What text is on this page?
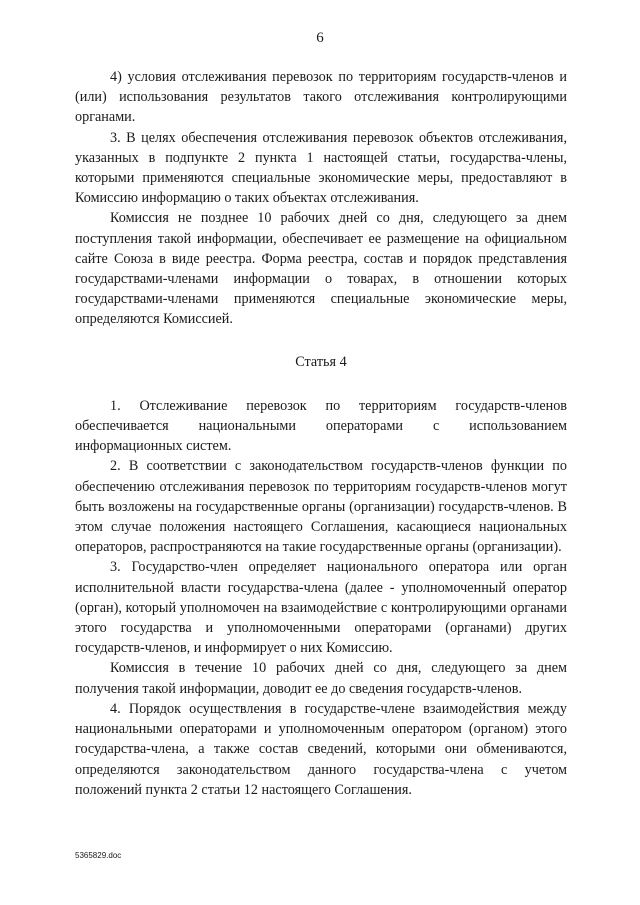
6

4) условия отслеживания перевозок по территориям государств-членов и (или) использования результатов такого отслеживания контролирующими органами.

3. В целях обеспечения отслеживания перевозок объектов отслеживания, указанных в подпункте 2 пункта 1 настоящей статьи, государства-члены, которыми применяются специальные экономические меры, предоставляют в Комиссию информацию о таких объектах отслеживания.

Комиссия не позднее 10 рабочих дней со дня, следующего за днем поступления такой информации, обеспечивает ее размещение на официальном сайте Союза в виде реестра. Форма реестра, состав и порядок представления государствами-членами информации о товарах, в отношении которых государствами-членами применяются специальные экономические меры, определяются Комиссией.

Статья 4

1. Отслеживание перевозок по территориям государств-членов обеспечивается национальными операторами с использованием информационных систем.

2. В соответствии с законодательством государств-членов функции по обеспечению отслеживания перевозок по территориям государств-членов могут быть возложены на государственные органы (организации) государств-членов. В этом случае положения настоящего Соглашения, касающиеся национальных операторов, распространяются на такие государственные органы (организации).

3. Государство-член определяет национального оператора или орган исполнительной власти государства-члена (далее - уполномоченный оператор (орган), который уполномочен на взаимодействие с контролирующими органами этого государства и уполномоченными операторами (органами) других государств-членов, и информирует о них Комиссию.

Комиссия в течение 10 рабочих дней со дня, следующего за днем получения такой информации, доводит ее до сведения государств-членов.

4. Порядок осуществления в государстве-члене взаимодействия между национальными операторами и уполномоченным оператором (органом) этого государства-члена, а также состав сведений, которыми они обмениваются, определяются законодательством данного государства-члена с учетом положений пункта 2 статьи 12 настоящего Соглашения.

5365829.doc
